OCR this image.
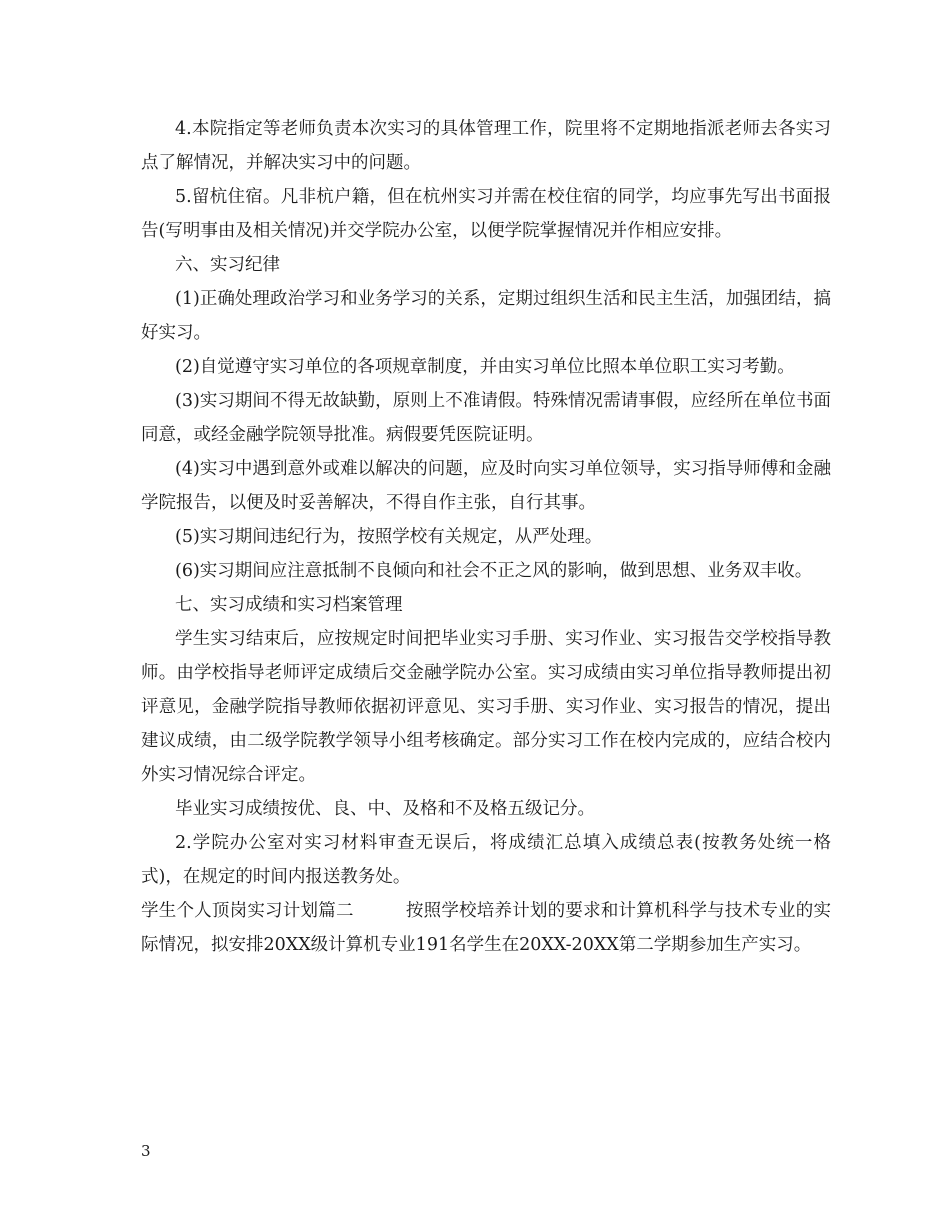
4.本院指定等老师负责本次实习的具体管理工作，院里将不定期地指派老师去各实习点了解情况，并解决实习中的问题。

5.留杭住宿。凡非杭户籍，但在杭州实习并需在校住宿的同学，均应事先写出书面报告(写明事由及相关情况)并交学院办公室，以便学院掌握情况并作相应安排。

六、实习纪律

(1)正确处理政治学习和业务学习的关系，定期过组织生活和民主生活，加强团结，搞好实习。

(2)自觉遵守实习单位的各项规章制度，并由实习单位比照本单位职工实习考勤。

(3)实习期间不得无故缺勤，原则上不准请假。特殊情况需请事假，应经所在单位书面同意，或经金融学院领导批准。病假要凭医院证明。

(4)实习中遇到意外或难以解决的问题，应及时向实习单位领导，实习指导师傅和金融学院报告，以便及时妥善解决，不得自作主张，自行其事。

(5)实习期间违纪行为，按照学校有关规定，从严处理。

(6)实习期间应注意抵制不良倾向和社会不正之风的影响，做到思想、业务双丰收。

七、实习成绩和实习档案管理

学生实习结束后，应按规定时间把毕业实习手册、实习作业、实习报告交学校指导教师。由学校指导老师评定成绩后交金融学院办公室。实习成绩由实习单位指导教师提出初评意见，金融学院指导教师依据初评意见、实习手册、实习作业、实习报告的情况，提出建议成绩，由二级学院教学领导小组考核确定。部分实习工作在校内完成的，应结合校内外实习情况综合评定。

毕业实习成绩按优、良、中、及格和不及格五级记分。

2.学院办公室对实习材料审查无误后，将成绩汇总填入成绩总表(按教务处统一格式)，在规定的时间内报送教务处。

学生个人顶岗实习计划篇二	按照学校培养计划的要求和计算机科学与技术专业的实际情况，拟安排20XX级计算机专业191名学生在20XX-20XX第二学期参加生产实习。

3
